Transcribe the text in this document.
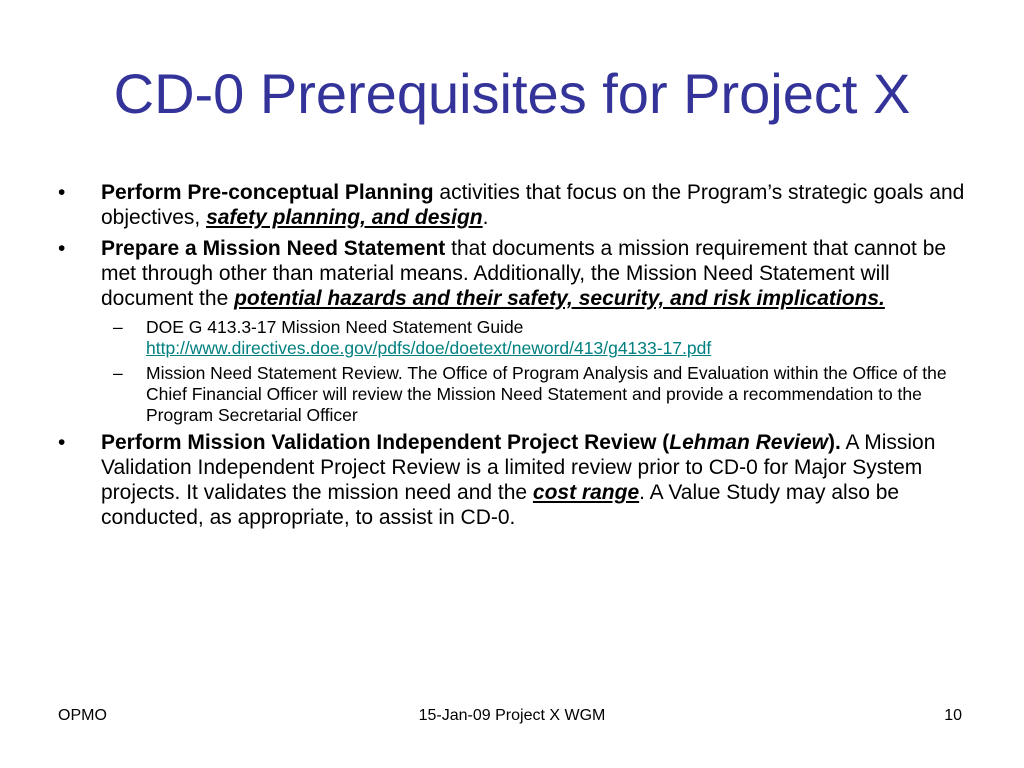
CD-0 Prerequisites for Project X
•	Perform Pre-conceptual Planning activities that focus on the Program’s strategic goals and objectives, safety planning, and design.
•	Prepare a Mission Need Statement that documents a mission requirement that cannot be met through other than material means. Additionally, the Mission Need Statement will document the potential hazards and their safety, security, and risk implications.
–	DOE G 413.3-17 Mission Need Statement Guide
http://www.directives.doe.gov/pdfs/doe/doetext/neword/413/g4133-17.pdf
–	Mission Need Statement Review. The Office of Program Analysis and Evaluation within the Office of the Chief Financial Officer will review the Mission Need Statement and provide a recommendation to the Program Secretarial Officer
•	Perform Mission Validation Independent Project Review (Lehman Review). A Mission Validation Independent Project Review is a limited review prior to CD-0 for Major System projects. It validates the mission need and the cost range. A Value Study may also be conducted, as appropriate, to assist in CD-0.
OPMO	15-Jan-09 Project X WGM	10
